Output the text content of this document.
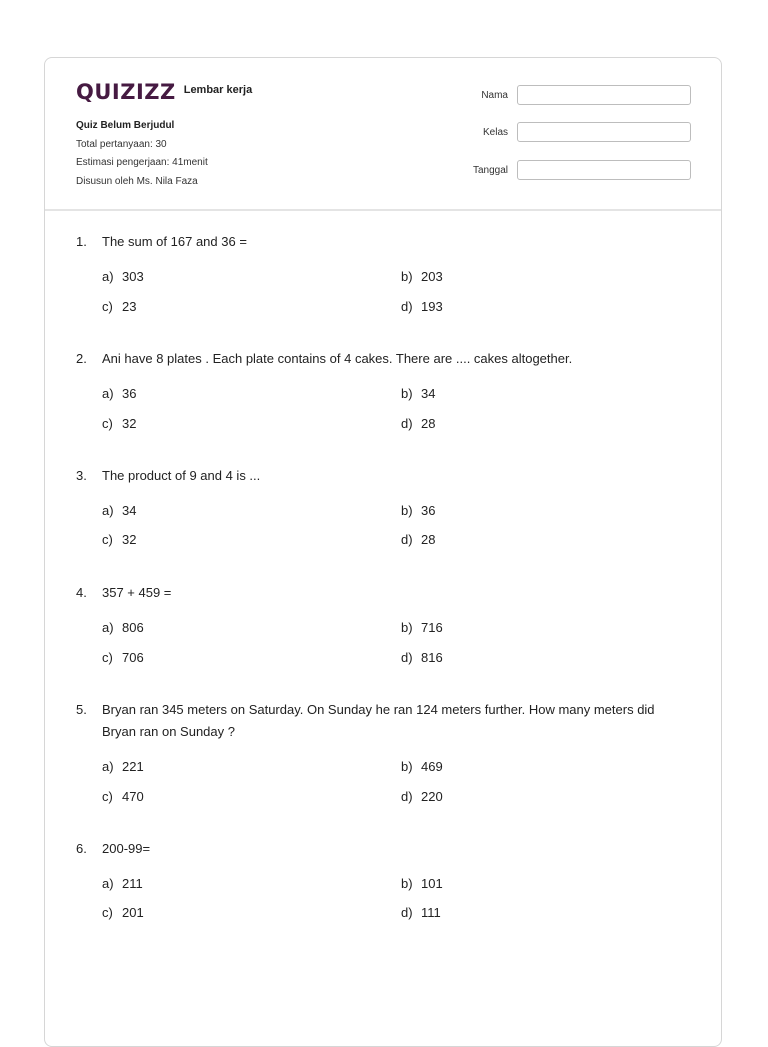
QUIZIZZ Lembar kerja
Quiz Belum Berjudul
Total pertanyaan: 30
Estimasi pengerjaan: 41menit
Disusun oleh Ms. Nila Faza
Nama
Kelas
Tanggal
1.	The sum of 167 and 36 =
a) 303	b) 203
c) 23	d) 193
2.	Ani have 8 plates . Each plate contains of 4 cakes. There are .... cakes altogether.
a) 36	b) 34
c) 32	d) 28
3.	The product of 9 and 4 is ...
a) 34	b) 36
c) 32	d) 28
4.	357 + 459 =
a) 806	b) 716
c) 706	d) 816
5.	Bryan ran 345 meters on Saturday. On Sunday he ran 124 meters further. How many meters did Bryan ran on Sunday ?
a) 221	b) 469
c) 470	d) 220
6.	200-99=
a) 211	b) 101
c) 201	d) 111
